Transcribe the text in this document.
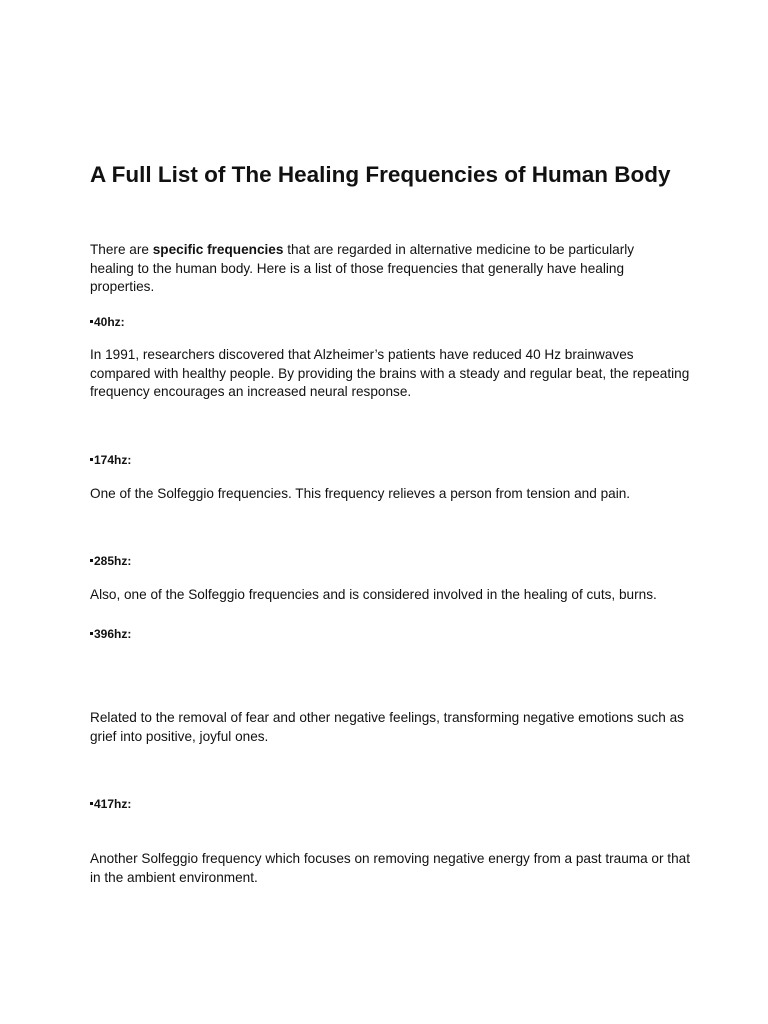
A Full List of The Healing Frequencies of Human Body

There are specific frequencies that are regarded in alternative medicine to be particularly healing to the human body. Here is a list of those frequencies that generally have healing properties.

40hz:

In 1991, researchers discovered that Alzheimer’s patients have reduced 40 Hz brainwaves compared with healthy people. By providing the brains with a steady and regular beat, the repeating frequency encourages an increased neural response.

174hz:

One of the Solfeggio frequencies. This frequency relieves a person from tension and pain.

285hz:

Also, one of the Solfeggio frequencies and is considered involved in the healing of cuts, burns.

396hz:

Related to the removal of fear and other negative feelings, transforming negative emotions such as grief into positive, joyful ones.

417hz:

Another Solfeggio frequency which focuses on removing negative energy from a past trauma or that in the ambient environment.
